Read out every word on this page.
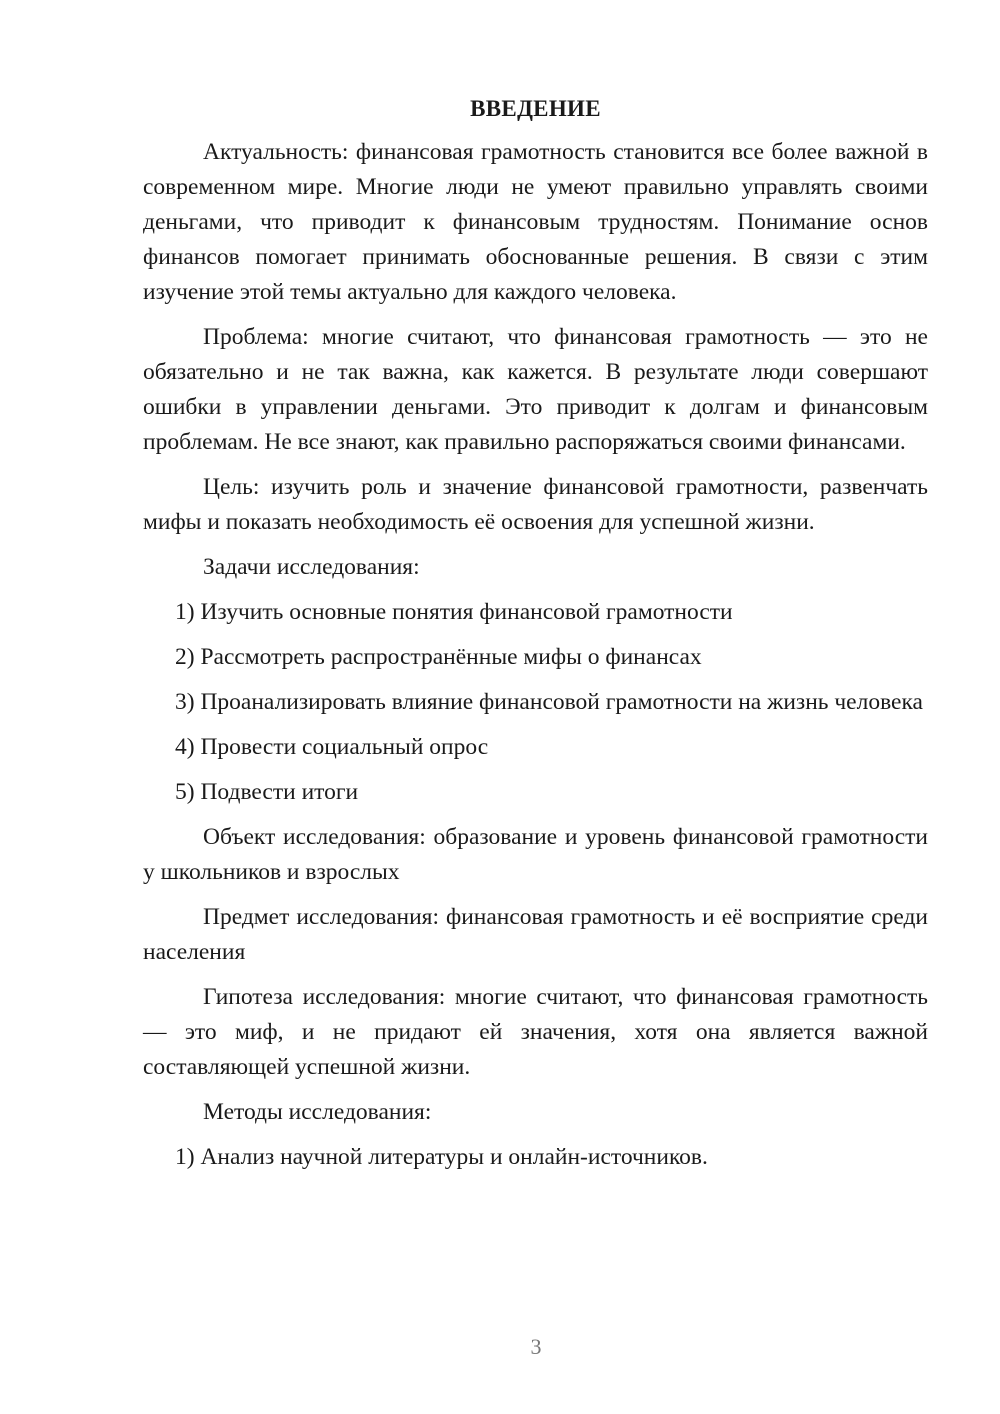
ВВЕДЕНИЕ

Актуальность: финансовая грамотность становится все более важной в современном мире. Многие люди не умеют правильно управлять своими деньгами, что приводит к финансовым трудностям. Понимание основ финансов помогает принимать обоснованные решения. В связи с этим изучение этой темы актуально для каждого человека.

Проблема: многие считают, что финансовая грамотность — это не обязательно и не так важна, как кажется. В результате люди совершают ошибки в управлении деньгами. Это приводит к долгам и финансовым проблемам. Не все знают, как правильно распоряжаться своими финансами.

Цель: изучить роль и значение финансовой грамотности, развенчать мифы и показать необходимость её освоения для успешной жизни.

Задачи исследования:

1) Изучить основные понятия финансовой грамотности

2) Рассмотреть распространённые мифы о финансах

3) Проанализировать влияние финансовой грамотности на жизнь человека

4) Провести социальный опрос

5) Подвести итоги

Объект исследования: образование и уровень финансовой грамотности у школьников и взрослых

Предмет исследования: финансовая грамотность и её восприятие среди населения

Гипотеза исследования: многие считают, что финансовая грамотность — это миф, и не придают ей значения, хотя она является важной составляющей успешной жизни.

Методы исследования:

1) Анализ научной литературы и онлайн-источников.

3
